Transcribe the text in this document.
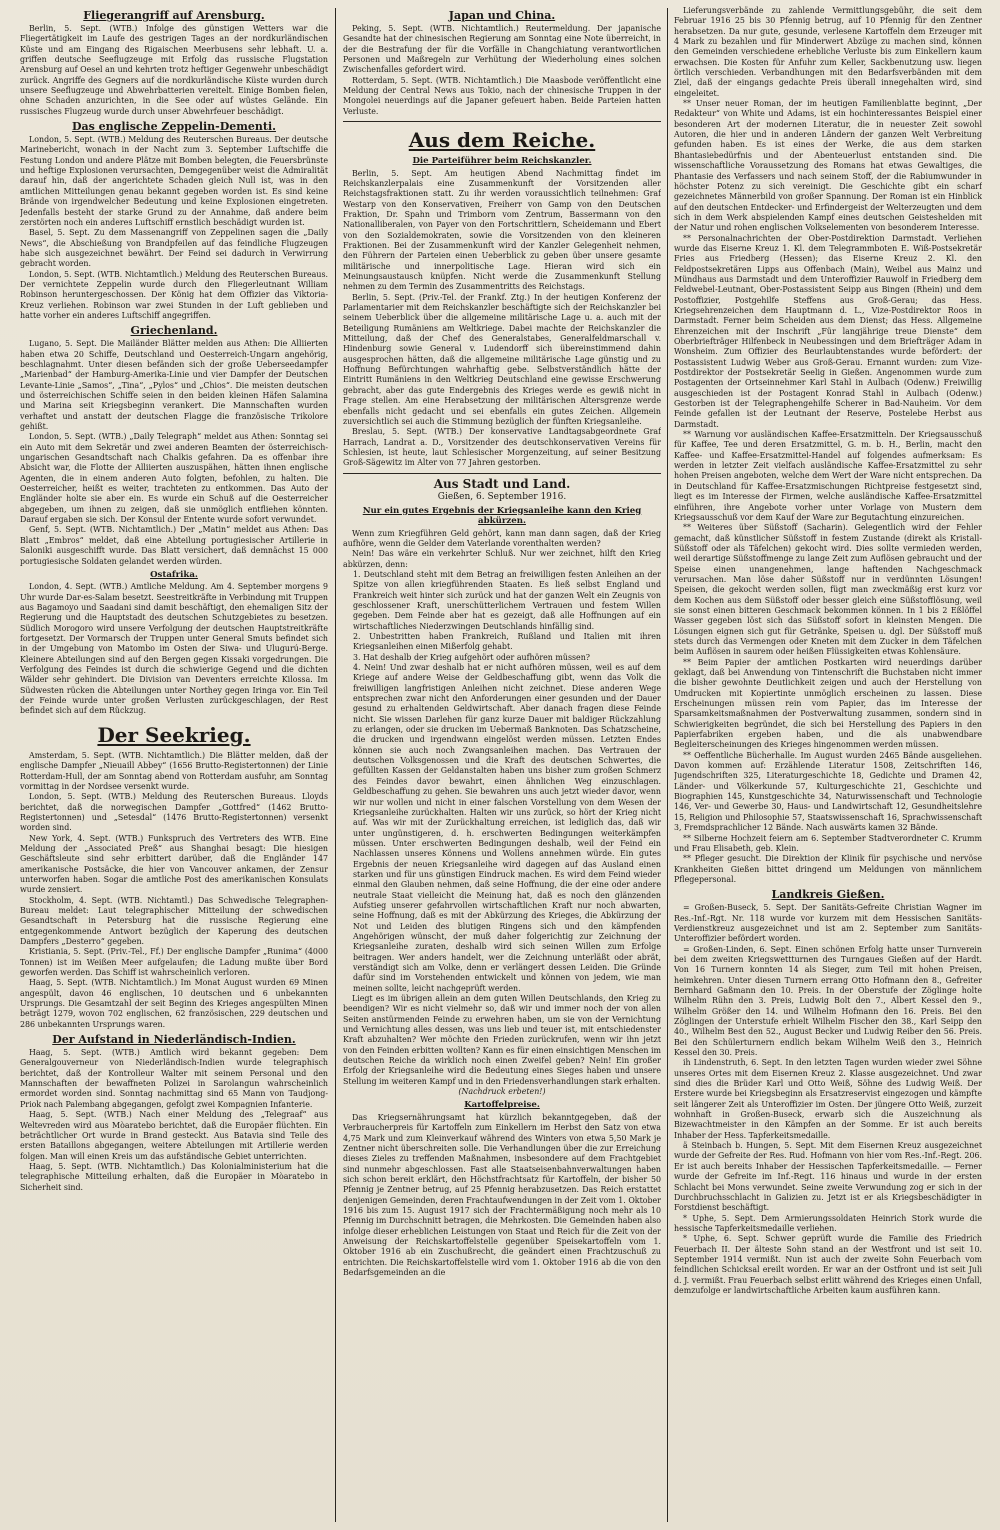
Fliegerangriff auf Arensburg.

Berlin, 5. Sept. (WTB.) Infolge des günstigen Wetters war die Fliegertätigkeit im Laufe des gestrigen Tages an der nordkurländischen Küste und am Eingang des Rigaischen Meerbusens sehr lebhaft. U. a. griffen deutsche Seeflugzeuge mit Erfolg das russische Flugstation Arensburg auf Oesel an und kehrten trotz heftiger Gegenwehr unbeschädigt zurück. Angriffe des Gegners auf die nordkurländische Küste wurden durch unsere Seeflugzeuge und Abwehrbatterien vereitelt. Einige Bomben fielen, ohne Schaden anzurichten, in die See oder auf wüstes Gelände. Ein russisches Flugzeug wurde durch unser Abwehrfeuer beschädigt.

Das englische Zeppelin-Dementi.

London, 5. Sept. (WTB.) Meldung des Reuterschen Bureaus. Der deutsche Marinebericht, wonach in der Nacht zum 3. September Luftschiffe die Festung London und andere Plätze mit Bomben belegten, die Feuersbrünste und heftige Explosionen verursachten, Demgegenüber weist die Admiralität darauf hin, daß der angerichtete Schaden gleich Null ist, was in den amtlichen Mitteilungen genau bekannt gegeben worden ist. Es sind keine Brände von irgendwelcher Bedeutung und keine Explosionen eingetreten. Jedenfalls besteht der starke Grund zu der Annahme, daß andere beim zerstörten noch ein anderes Luftschiff ernstlich beschädigt wurden ist.

Basel, 5. Sept. Zu dem Massenangriff von Zeppelinen sagen die „Daily News“, die Abschießung von Brandpfeilen auf das feindliche Flugzeugen habe sich ausgezeichnet bewährt. Der Feind sei dadurch in Verwirrung gebracht worden.

London, 5. Sept. (WTB. Nichtamtlich.) Meldung des Reuterschen Bureaus. Der vernichtete Zeppelin wurde durch den Fliegerleutnant William Robinson heruntergeschossen. Der König hat dem Offizier das Viktoria-Kreuz verliehen. Robinson war zwei Stunden in der Luft geblieben und hatte vorher ein anderes Luftschiff angegriffen.

Griechenland.

Lugano, 5. Sept. Die Mailänder Blätter melden aus Athen: Die Alliierten haben etwa 20 Schiffe, Deutschland und Oesterreich-Ungarn angehörig, beschlagnahmt. Unter diesen befänden sich der große Ueberseedampfer „Marienbad“ der Hamburg-Amerika-Linie und vier Dampfer der Deutschen Levante-Linie „Samos“, „Tina“, „Pylos“ und „Chios“. Die meisten deutschen und österreichischen Schiffe seien in den beiden kleinen Häfen Salamina und Marina seit Kriegsbeginn verankert. Die Mannschaften wurden verhaftet und anstatt der deutschen Flagge die französische Trikolore gehißt.

London, 5. Sept. (WTB.) „Daily Telegraph“ meldet aus Athen: Sonntag sei ein Auto mit dem Sekretär und zwei anderen Beamten der österreichisch-ungarischen Gesandtschaft nach Chalkis gefahren. Da es offenbar ihre Absicht war, die Flotte der Alliierten auszuspähen, hätten ihnen englische Agenten, die in einem anderen Auto folgten, befohlen, zu halten. Die Oesterreicher, heißt es weiter, trachteten zu entkommen. Das Auto der Engländer holte sie aber ein. Es wurde ein Schuß auf die Oesterreicher abgegeben, um ihnen zu zeigen, daß sie unmöglich entfliehen könnten. Darauf ergaben sie sich. Der Konsul der Entente wurde sofort verwundet.

Genf, 5. Sept. (WTB. Nichtamtlich.) Der „Matin“ meldet aus Athen: Das Blatt „Embros“ meldet, daß eine Abteilung portugiesischer Artillerie in Saloniki ausgeschifft wurde. Das Blatt versichert, daß demnächst 15 000 portugiesische Soldaten gelandet werden würden.

Ostafrika.

London, 4. Sept. (WTB.) Amtliche Meldung. Am 4. September morgens 9 Uhr wurde Dar-es-Salam besetzt. Seestreitkräfte in Verbindung mit Truppen aus Bagamoyo und Saadani sind damit beschäftigt, den ehemaligen Sitz der Regierung und die Hauptstadt des deutschen Schutzgebietes zu besetzen. Südlich Morogoro wird unsere Verfolgung der deutschen Hauptstreitkräfte fortgesetzt. Der Vormarsch der Truppen unter General Smuts befindet sich in der Umgebung von Matombo im Osten der Siwa- und Ulugurú-Berge. Kleinere Abteilungen sind auf den Bergen gegen Kissaki vorgedrungen. Die Verfolgung des Feindes ist durch die schwierige Gegend und die dichten Wälder sehr gehindert. Die Division van Deventers erreichte Kilossa. Im Südwesten rücken die Abteilungen unter Northey gegen Iringa vor. Ein Teil der Feinde wurde unter großen Verlusten zurückgeschlagen, der Rest befindet sich auf dem Rückzug.

Der Seekrieg.

Amsterdam, 5. Sept. (WTB. Nichtamtlich.) Die Blätter melden, daß der englische Dampfer „Nieuaill Abbey“ (1656 Brutto-Registertonnen) der Linie Rotterdam-Hull, der am Sonntag abend von Rotterdam ausfuhr, am Sonntag vormittag in der Nordsee versenkt wurde.

London, 5. Sept. (WTB.) Meldung des Reuterschen Bureaus. Lloyds berichtet, daß die norwegischen Dampfer „Gottfred“ (1462 Brutto-Registertonnen) und „Setesdal“ (1476 Brutto-Registertonnen) versenkt worden sind.

New York, 4. Sept. (WTB.) Funkspruch des Vertreters des WTB. Eine Meldung der „Associated Preß“ aus Shanghai besagt: Die hiesigen Geschäftsleute sind sehr erbittert darüber, daß die Engländer 147 amerikanische Postsäcke, die hier von Vancouver ankamen, der Zensur unterworfen haben. Sogar die amtliche Post des amerikanischen Konsulats wurde zensiert.

Stockholm, 4. Sept. (WTB. Nichtamtl.) Das Schwedische Telegraphen-Bureau meldet: Laut telegraphischer Mitteilung der schwedischen Gesandtschaft in Petersburg hat die russische Regierung eine entgegenkommende Antwort bezüglich der Kaperung des deutschen Dampfers „Desterro“ gegeben.

Kristiania, 5. Sept. (Priv.-Tel., Ff.) Der englische Dampfer „Runima“ (4000 Tonnen) ist im Weißen Meer aufgelaufen; die Ladung mußte über Bord geworfen werden. Das Schiff ist wahrscheinlich verloren.

Haag, 5. Sept. (WTB. Nichtamtlich.) Im Monat August wurden 69 Minen angespült, davon 46 englischen, 10 deutschen und 6 unbekannten Ursprungs. Die Gesamtzahl der seit Beginn des Krieges angespülten Minen beträgt 1279, wovon 702 englischen, 62 französischen, 229 deutschen und 286 unbekannten Ursprungs waren.

Der Aufstand in Niederländisch-Indien.

Haag, 5. Sept. (WTB.) Amtlich wird bekannt gegeben: Dem Generalgouverneur von Niederländisch-Indien wurde telegraphisch berichtet, daß der Kontrolleur Walter mit seinem Personal und den Mannschaften der bewaffneten Polizei in Sarolangun wahrscheinlich ermordet worden sind. Sonntag nachmittag sind 65 Mann von Taudjong-Priok nach Palembang abgegangen, gefolgt zwei Kompagnien Infanterie.

Haag, 5. Sept. (WTB.) Nach einer Meldung des „Telegraaf“ aus Weltevreden wird aus Mòaratebo berichtet, daß die Europäer flüchten. Ein beträchtlicher Ort wurde in Brand gesteckt. Aus Batavia sind Teile des ersten Bataillons abgegangen, weitere Abteilungen mit Artillerie werden folgen. Man will einen Kreis um das aufständische Gebiet unterrichten.

Haag, 5. Sept. (WTB. Nichtamtlich.) Das Kolonialministerium hat die telegraphische Mitteilung erhalten, daß die Europäer in Mòaratebo in Sicherheit sind.

Japan und China.

Peking, 5. Sept. (WTB. Nichtamtlich.) Reutermeldung. Der japanische Gesandte hat der chinesischen Regierung am Sonntag eine Note überreicht, in der die Bestrafung der für die Vorfälle in Changchiatung verantwortlichen Personen und Maßregeln zur Verhütung der Wiederholung eines solchen Zwischenfalles gefordert wird.

Rotterdam, 5. Sept. (WTB. Nichtamtlich.) Die Maasbode veröffentlicht eine Meldung der Central News aus Tokio, nach der chinesische Truppen in der Mongolei neuerdings auf die Japaner gefeuert haben. Beide Parteien hatten Verluste.

Aus dem Reiche.
Die Parteiführer beim Reichskanzler.

Berlin, 5. Sept. Am heutigen Abend Nachmittag findet im Reichskanzlerpalais eine Zusammenkunft der Vorsitzenden aller Reichstagsfraktionen statt. Zu ihr werden voraussichtlich teilnehmen: Graf Westarp von den Konservativen, Freiherr von Gamp von den Deutschen Fraktion, Dr. Spahn und Trimborn vom Zentrum, Bassermann von den Nationalliberalen, von Payer von den Fortschrittlern, Scheidemann und Ebert von den Sozialdemokraten, sowie die Vorsitzenden von den kleineren Fraktionen. Bei der Zusammenkunft wird der Kanzler Gelegenheit nehmen, den Führern der Parteien einen Ueberblick zu geben über unsere gesamte militärische und innerpolitische Lage. Hieran wird sich ein Meinungsaustausch knüpfen. Nicht werde die Zusammenkunft Stellung nehmen zu dem Termin des Zusammentritts des Reichstags.

Berlin, 5. Sept. (Priv.-Tel. der Frankf. Ztg.) In der heutigen Konferenz der Parlamentarier mit dem Reichskanzler beschäftigte sich der Reichskanzler bei seinem Ueberblick über die allgemeine militärische Lage u. a. auch mit der Beteiligung Rumäniens am Weltkriege. Dabei machte der Reichskanzler die Mitteilung, daß der Chef des Generalstabes, Generalfeldmarschall v. Hindenburg sowie General v. Ludendorff sich übereinstimmend dahin ausgesprochen hätten, daß die allgemeine militärische Lage günstig und zu Hoffnung Befürchtungen wahrhaftig gebe. Selbstverständlich hätte der Eintritt Rumäniens in den Weltkrieg Deutschland eine gewisse Erschwerung gebracht, aber das gute Endergebnis des Krieges werde es gewiß nicht in Frage stellen. Am eine Herabsetzung der militärischen Altersgrenze werde ebenfalls nicht gedacht und sei ebenfalls ein gutes Zeichen. Allgemein zuversichtlich sei auch die Stimmung bezüglich der fünften Kriegsanleihe.

Breslau, 5. Sept. (WTB.) Der konservative Landtagsabgeordnete Graf Harrach, Landrat a. D., Vorsitzender des deutschkonservativen Vereins für Schlesien, ist heute, laut Schlesischer Morgenzeitung, auf seiner Besitzung Groß-Sägewitz im Alter von 77 Jahren gestorben.

Aus Stadt und Land.
Gießen, 6. September 1916.
Nur ein gutes Ergebnis der Kriegsanleihe kann den Krieg abkürzen.

Wenn zum Kriegführen Geld gehört, kann man dann sagen, daß der Krieg aufhöre, wenn die Gelder dem Vaterlande vorenthalten werden?

Nein! Das wäre ein verkehrter Schluß. Nur wer zeichnet, hilft den Krieg abkürzen, denn:

1. Deutschland steht mit dem Betrag an freiwilligen festen Anleihen an der Spitze von allen kriegführenden Staaten. Es ließ selbst England und Frankreich weit hinter sich zurück und hat der ganzen Welt ein Zeugnis von geschlossener Kraft, unerschütterlichem Vertrauen und festem Willen gegeben. Dem Feinde aber hat es gezeigt, daß alle Hoffnungen auf ein wirtschaftliches Niederzwingen Deutschlands hinfällig sind.

2. Unbestritten haben Frankreich, Rußland und Italien mit ihren Kriegsanleihen einen Mißerfolg gehabt.

3. Hat deshalb der Krieg aufgehört oder aufhören müssen?

4. Nein! Und zwar deshalb hat er nicht aufhören müssen, weil es auf dem Kriege auf andere Weise der Geldbeschaffung gibt, wenn das Volk die freiwilligen langfristigen Anleihen nicht zeichnet. Diese anderen Wege entsprechen zwar nicht den Anforderungen einer gesunden und der Dauer gesund zu erhaltenden Geldwirtschaft. Aber danach fragen diese Feinde nicht. Sie wissen Darlehen für ganz kurze Dauer mit baldiger Rückzahlung zu erlangen, oder sie drucken im Uebermaß Banknoten. Das Schatzscheine, die drucken und irgendwann eingelöst werden müssen. Letzten Endes können sie auch noch Zwangsanleihen machen. Das Vertrauen der deutschen Volksgenossen und die Kraft des deutschen Schwertes, die gefüllten Kassen der Geldanstalten haben uns bisher zum großen Schmerz des Feindes davor bewahrt, einen ähnlichen Weg einzuschlagen. Geldbeschaffung zu gehen. Sie bewahren uns auch jetzt wieder davor, wenn wir nur wollen und nicht in einer falschen Vorstellung von dem Wesen der Kriegsanleihe zurückhalten. Halten wir uns zurück, so hört der Krieg nicht auf. Was wir mit der Zurückhaltung erreichen, ist lediglich das, daß wir unter ungünstigeren, d. h. erschwerten Bedingungen weiterkämpfen müssen. Unter erschwerten Bedingungen deshalb, weil der Feind ein Nachlassen unseres Könnens und Wollens annehmen würde. Ein gutes Ergebnis der neuen Kriegsanleihe wird dagegen auf das Ausland einen starken und für uns günstigen Eindruck machen. Es wird dem Feind wieder einmal den Glauben nehmen, daß seine Hoffnung, die der eine oder andere neutrale Staat vielleicht die Meinung hat, daß es noch den glänzenden Aufstieg unserer gefahrvollen wirtschaftlichen Kraft nur noch abwarten, seine Hoffnung, daß es mit der Abkürzung des Krieges, die Abkürzung der Not und Leiden des blutigen Ringens sich und den kämpfenden Angehörigen wünscht, der muß daher folgerichtig zur Zeichnung der Kriegsanleihe zuraten, deshalb wird sich seinen Willen zum Erfolge beitragen. Wer anders handelt, wer die Zeichnung unterläßt oder abrät, verständigt sich am Volke, denn er verlängert dessen Leiden. Die Gründe dafür sind im Vorstehenden entwickelt und können von jedem, wie man meinen sollte, leicht nachgeprüft werden.

Liegt es im übrigen allein an dem guten Willen Deutschlands, den Krieg zu beendigen? Wir es nicht vielmehr so, daß wir und immer noch der von allen Seiten anstürmenden Feinde zu erwehren haben, um sie von der Vernichtung und Vernichtung alles dessen, was uns lieb und teuer ist, mit entschiedenster Kraft abzuhalten? Wer möchte den Frieden zurückrufen, wenn wir ihn jetzt von den Feinden erbitten wollten? Kann es für einen einsichtigen Menschen im deutschen Reiche da wirklich noch einen Zweifel geben? Nein! Ein großer Erfolg der Kriegsanleihe wird die Bedeutung eines Sieges haben und unsere Stellung im weiteren Kampf und in den Friedensverhandlungen stark erhalten.

(Nachdruck erbeten!)

Kartoffelpreise.

Das Kriegsernährungsamt hat kürzlich bekanntgegeben, daß der Verbraucherpreis für Kartoffeln zum Einkellern im Herbst den Satz von etwa 4,75 Mark und zum Kleinverkauf während des Winters von etwa 5,50 Mark je Zentner nicht überschreiten solle. Die Verhandlungen über die zur Erreichung dieses Zieles zu treffenden Maßnahmen, insbesondere auf dem Frachtgebiet sind nunmehr abgeschlossen. Fast alle Staatseisenbahnverwaltungen haben sich schon bereit erklärt, den Höchstfrachtsatz für Kartoffeln, der bisher 50 Pfennig je Zentner betrug, auf 25 Pfennig herabzusetzen. Das Reich erstattet denjenigen Gemeinden, deren Frachtaufwendungen in der Zeit vom 1. Oktober 1916 bis zum 15. August 1917 sich der Frachtermäßigung noch mehr als 10 Pfennig im Durchschnitt betragen, die Mehrkosten. Die Gemeinden haben also infolge dieser erheblichen Leistungen von Staat und Reich für die Zeit von der Anweisung der Reichskartoffelstelle gegenüber Speisekartoffeln vom 1. Oktober 1916 ab ein Zuschußrecht, die geändert einen Frachtzuschuß zu entrichten. Die Reichskartoffelstelle wird vom 1. Oktober 1916 ab die von den Bedarfsgemeinden an die

Lieferungsverbände zu zahlende Vermittlungsgebühr, die seit dem Februar 1916 25 bis 30 Pfennig betrug, auf 10 Pfennig für den Zentner herabsetzen. Da nur gute, gesunde, verlesene Kartoffeln dem Erzeuger mit 4 Mark zu bezahlen und für Minderwert Abzüge zu machen sind, können den Gemeinden verschiedene erhebliche Verluste bis zum Einkellern kaum erwachsen. Die Kosten für Anfuhr zum Keller, Sackbenutzung usw. liegen örtlich verschieden. Verbandhungen mit den Bedarfsverbänden mit dem Ziel, daß der eingangs gedachte Preis überall innegehalten wird, sind eingeleitet.

** Unser neuer Roman, der im heutigen Familienblatte beginnt, „Der Redakteur“ von White und Adams, ist ein hochinteressantes Beispiel einer besonderen Art der modernen Literatur, die in neuester Zeit sowohl Autoren, die hier und in anderen Ländern der ganzen Welt Verbreitung gefunden haben. Es ist eines der Werke, die aus dem starken Bhantasiebedürfnis und der Abenteuerlust entstanden sind. Die wissenschaftliche Voraussetzung des Romans hat etwas Gewaltiges, die Phantasie des Verfassers und nach seinem Stoff, der die Rabiumwunder in höchster Potenz zu sich vereinigt. Die Geschichte gibt ein scharf gezeichnetes Männerbild von großer Spannung. Der Roman ist ein Hinblick auf den deutschen Entdecker- und Erfindergeist der Welterzeugten und dem sich in dem Werk abspielenden Kampf eines deutschen Geisteshelden mit der Natur und rohen englischen Volkselementen von besonderem Interesse.

** Personalnachrichten der Ober-Postdirektion Darmstadt. Verliehen wurde das Eiserne Kreuz 1. Kl. dem Telegrammboten E. Wiß-Postsekretär Fries aus Friedberg (Hessen); das Eiserne Kreuz 2. Kl. den Feldpostsekretären Lipps aus Offenbach (Main), Weibel aus Mainz und Mündhaus aus Darmstadt und dem Unteroffizier Rauwolf in Friedberg dem Feldwebel-Leutnant, Ober-Postassistent Seipp aus Bingen (Rhein) und dem Postoffizier, Postgehilfe Steffens aus Groß-Gerau; das Hess. Kriegsehrenzeichen dem Hauptmann d. L., Vize-Postdirektor Roos in Darmstadt. Ferner beim Scheiden aus dem Dienst; das Hess. Allgemeine Ehrenzeichen mit der Inschrift „Für langjährige treue Dienste“ dem Oberbriefträger Hilfenbeck in Neubessingen und dem Briefträger Adam in Wonsheim. Zum Offizier des Beurlaubtenstandes wurde befördert: der Postassistent Ludwig Weber aus Groß-Gerau. Ernannt wurden: zum Vize-Postdirektor der Postsekretär Seelig in Gießen. Angenommen wurde zum Postagenten der Ortseinnehmer Karl Stahl in Aulbach (Odenw.) Freiwillig ausgeschieden ist der Postagent Konrad Stahl in Aulbach (Odenw.) Gestorben ist der Telegraphengehilfe Scherer in Bad-Nauheim. Vor dem Feinde gefallen ist der Leutnant der Reserve, Postelebe Herbst aus Darmstadt.

** Warnung vor ausländischen Kaffee-Ersatzmitteln. Der Kriegsausschuß für Kaffee, Tee und deren Ersatzmittel, G. m. b. H., Berlin, macht den Kaffee- und Kaffee-Ersatzmittel-Handel auf folgendes aufmerksam: Es werden in letzter Zeit vielfach ausländische Kaffee-Ersatzmittel zu sehr hohen Preisen angeboten, welche dem Wert der Ware nicht entsprechen. Da in Deutschland für Kaffee-Ersatzmischungen Richtpreise festgesetzt sind, liegt es im Interesse der Firmen, welche ausländische Kaffee-Ersatzmittel einführen, ihre Angebote vorher unter Vorlage von Mustern dem Kriegsausschuß vor dem Kauf der Ware zur Begutachtung einzureichen.

** Weiteres über Süßstoff (Sacharin). Gelegentlich wird der Fehler gemacht, daß künstlicher Süßstoff in festem Zustande (direkt als Kristall-Süßstoff oder als Täfelchen) gekocht wird. Dies sollte vermieden werden, weil derartige Süßstoffmenge zu lange Zeit zum Auflösen gebraucht und der Speise einen unangenehmen, lange haftenden Nachgeschmack verursachen. Man löse daher Süßstoff nur in verdünnten Lösungen! Speisen, die gekocht werden sollen, fügt man zweckmäßig erst kurz vor dem Kochen aus dem Süßstoff oder besser gleich eine Süßstofflösung, weil sie sonst einen bitteren Geschmack bekommen können. In 1 bis 2 Eßlöffel Wasser gegeben löst sich das Süßstoff sofort in kleinsten Mengen. Die Lösungen eignen sich gut für Getränke, Speisen u. dgl. Der Süßstoff muß stets durch das Vermengen oder Kneten mit dem Zucker in dem Täfelchen beim Auflösen in saurem oder heißen Flüssigkeiten etwas Kohlensäure.

** Beim Papier der amtlichen Postkarten wird neuerdings darüber geklagt, daß bei Anwendung von Tintenschrift die Buchstaben nicht immer die bisher gewohnte Deutlichkeit zeigen und auch der Herstellung von Umdrucken mit Kopiertinte unmöglich erscheinen zu lassen. Diese Erscheinungen müssen rein vom Papier, das im Interesse der Sparsamkeitsmaßnahmen der Postverwaltung zusammen, sondern sind in Schwierigkeiten begründet, die sich bei Herstellung des Papiers in den Papierfabriken ergeben haben, und die als unabwendbare Begleiterscheinungen des Krieges hingenommen werden müssen.

** Oeffentliche Bücherhalle. Im August wurden 2465 Bände ausgeliehen. Davon kommen auf: Erzählende Literatur 1508, Zeitschriften 146, Jugendschriften 325, Literaturgeschichte 18, Gedichte und Dramen 42, Länder- und Völkerkunde 57, Kulturgeschichte 21, Geschichte und Biographien 145, Kunstgeschichte 34, Naturwissenschaft und Technologie 146, Ver- und Gewerbe 30, Haus- und Landwirtschaft 12, Gesundheitslehre 15, Religion und Philosophie 57, Staatswissenschaft 16, Sprachwissenschaft 3, Fremdsprachlicher 12 Bände. Nach auswärts kamen 32 Bände.

** Silberne Hochzeit feiern am 6. September Stadtverordneter C. Krumm und Frau Elisabeth, geb. Klein.

** Pfleger gesucht. Die Direktion der Klinik für psychische und nervöse Krankheiten Gießen bittet dringend um Meldungen von männlichem Pflegepersonal.

Landkreis Gießen.

= Großen-Buseck, 5. Sept. Der Sanitäts-Gefreite Christian Wagner im Res.-Inf.-Rgt. Nr. 118 wurde vor kurzem mit dem Hessischen Sanitäts-Verdienstkreuz ausgezeichnet und ist am 2. September zum Sanitäts-Unteroffizier befördert worden.

= Großen-Linden, 6. Sept. Einen schönen Erfolg hatte unser Turnverein bei dem zweiten Kriegswettturnen des Turngaues Gießen auf der Hardt. Von 16 Turnern konnten 14 als Sieger, zum Teil mit hohen Preisen, heimkehren. Unter diesen Turnern errang Otto Hofmann den 8., Gefreiter Bernhard Gaßmann den 10. Preis. In der Oberstufe der Zöglinge holte Wilhelm Rühn den 3. Preis, Ludwig Bolt den 7., Albert Kessel den 9., Wilhelm Größer den 14. und Wilhelm Hofmann den 16. Preis. Bei den Zöglingen der Unterstufe erhielt Wilhelm Fischer den 38., Karl Seipp den 40., Wilhelm Best den 52., August Becker und Ludwig Reiber den 56. Preis. Bei den Schülerturnern endlich bekam Wilhelm Weiß den 3., Heinrich Kessel den 30. Preis.

ih Lindenstruth, 6. Sept. In den letzten Tagen wurden wieder zwei Söhne unseres Ortes mit dem Eisernen Kreuz 2. Klasse ausgezeichnet. Und zwar sind dies die Brüder Karl und Otto Weiß, Söhne des Ludwig Weiß. Der Erstere wurde bei Kriegsbeginn als Ersatzreservist eingezogen und kämpfte seit längerer Zeit als Unteroffizier im Osten. Der jüngere Otto Weiß, zurzeit wohnhaft in Großen-Buseck, erwarb sich die Auszeichnung als Bizewachtmeister in den Kämpfen an der Somme. Er ist auch bereits Inhaber der Hess. Tapferkeitsmedaille.

ä Steinbach b. Hungen, 5. Sept. Mit dem Eisernen Kreuz ausgezeichnet wurde der Gefreite der Res. Rud. Hofmann von hier vom Res.-Inf.-Regt. 206. Er ist auch bereits Inhaber der Hessischen Tapferkeitsmedaille. — Ferner wurde der Gefreite im Inf.-Regt. 116 hinaus und wurde in der ersten Schlacht bei Mons verwundet. Seine zweite Verwundung zog er sich in der Durchbruchsschlacht in Galizien zu. Jetzt ist er als Kriegsbeschädigter in Forstdienst beschäftigt.

* Uphe, 5. Sept. Dem Armierungssoldaten Heinrich Stork wurde die hessische Tapferkeitsmedaille verliehen.

* Uphe, 6. Sept. Schwer geprüft wurde die Familie des Friedrich Feuerbach II. Der älteste Sohn stand an der Westfront und ist seit 10. September 1914 vermißt. Nun ist auch der zweite Sohn Feuerbach vom feindlichen Schicksal ereilt worden. Er war an der Ostfront und ist seit Juli d. J. vermißt. Frau Feuerbach selbst erlitt während des Krieges einen Unfall, demzufolge er landwirtschaftliche Arbeiten kaum ausführen kann.
